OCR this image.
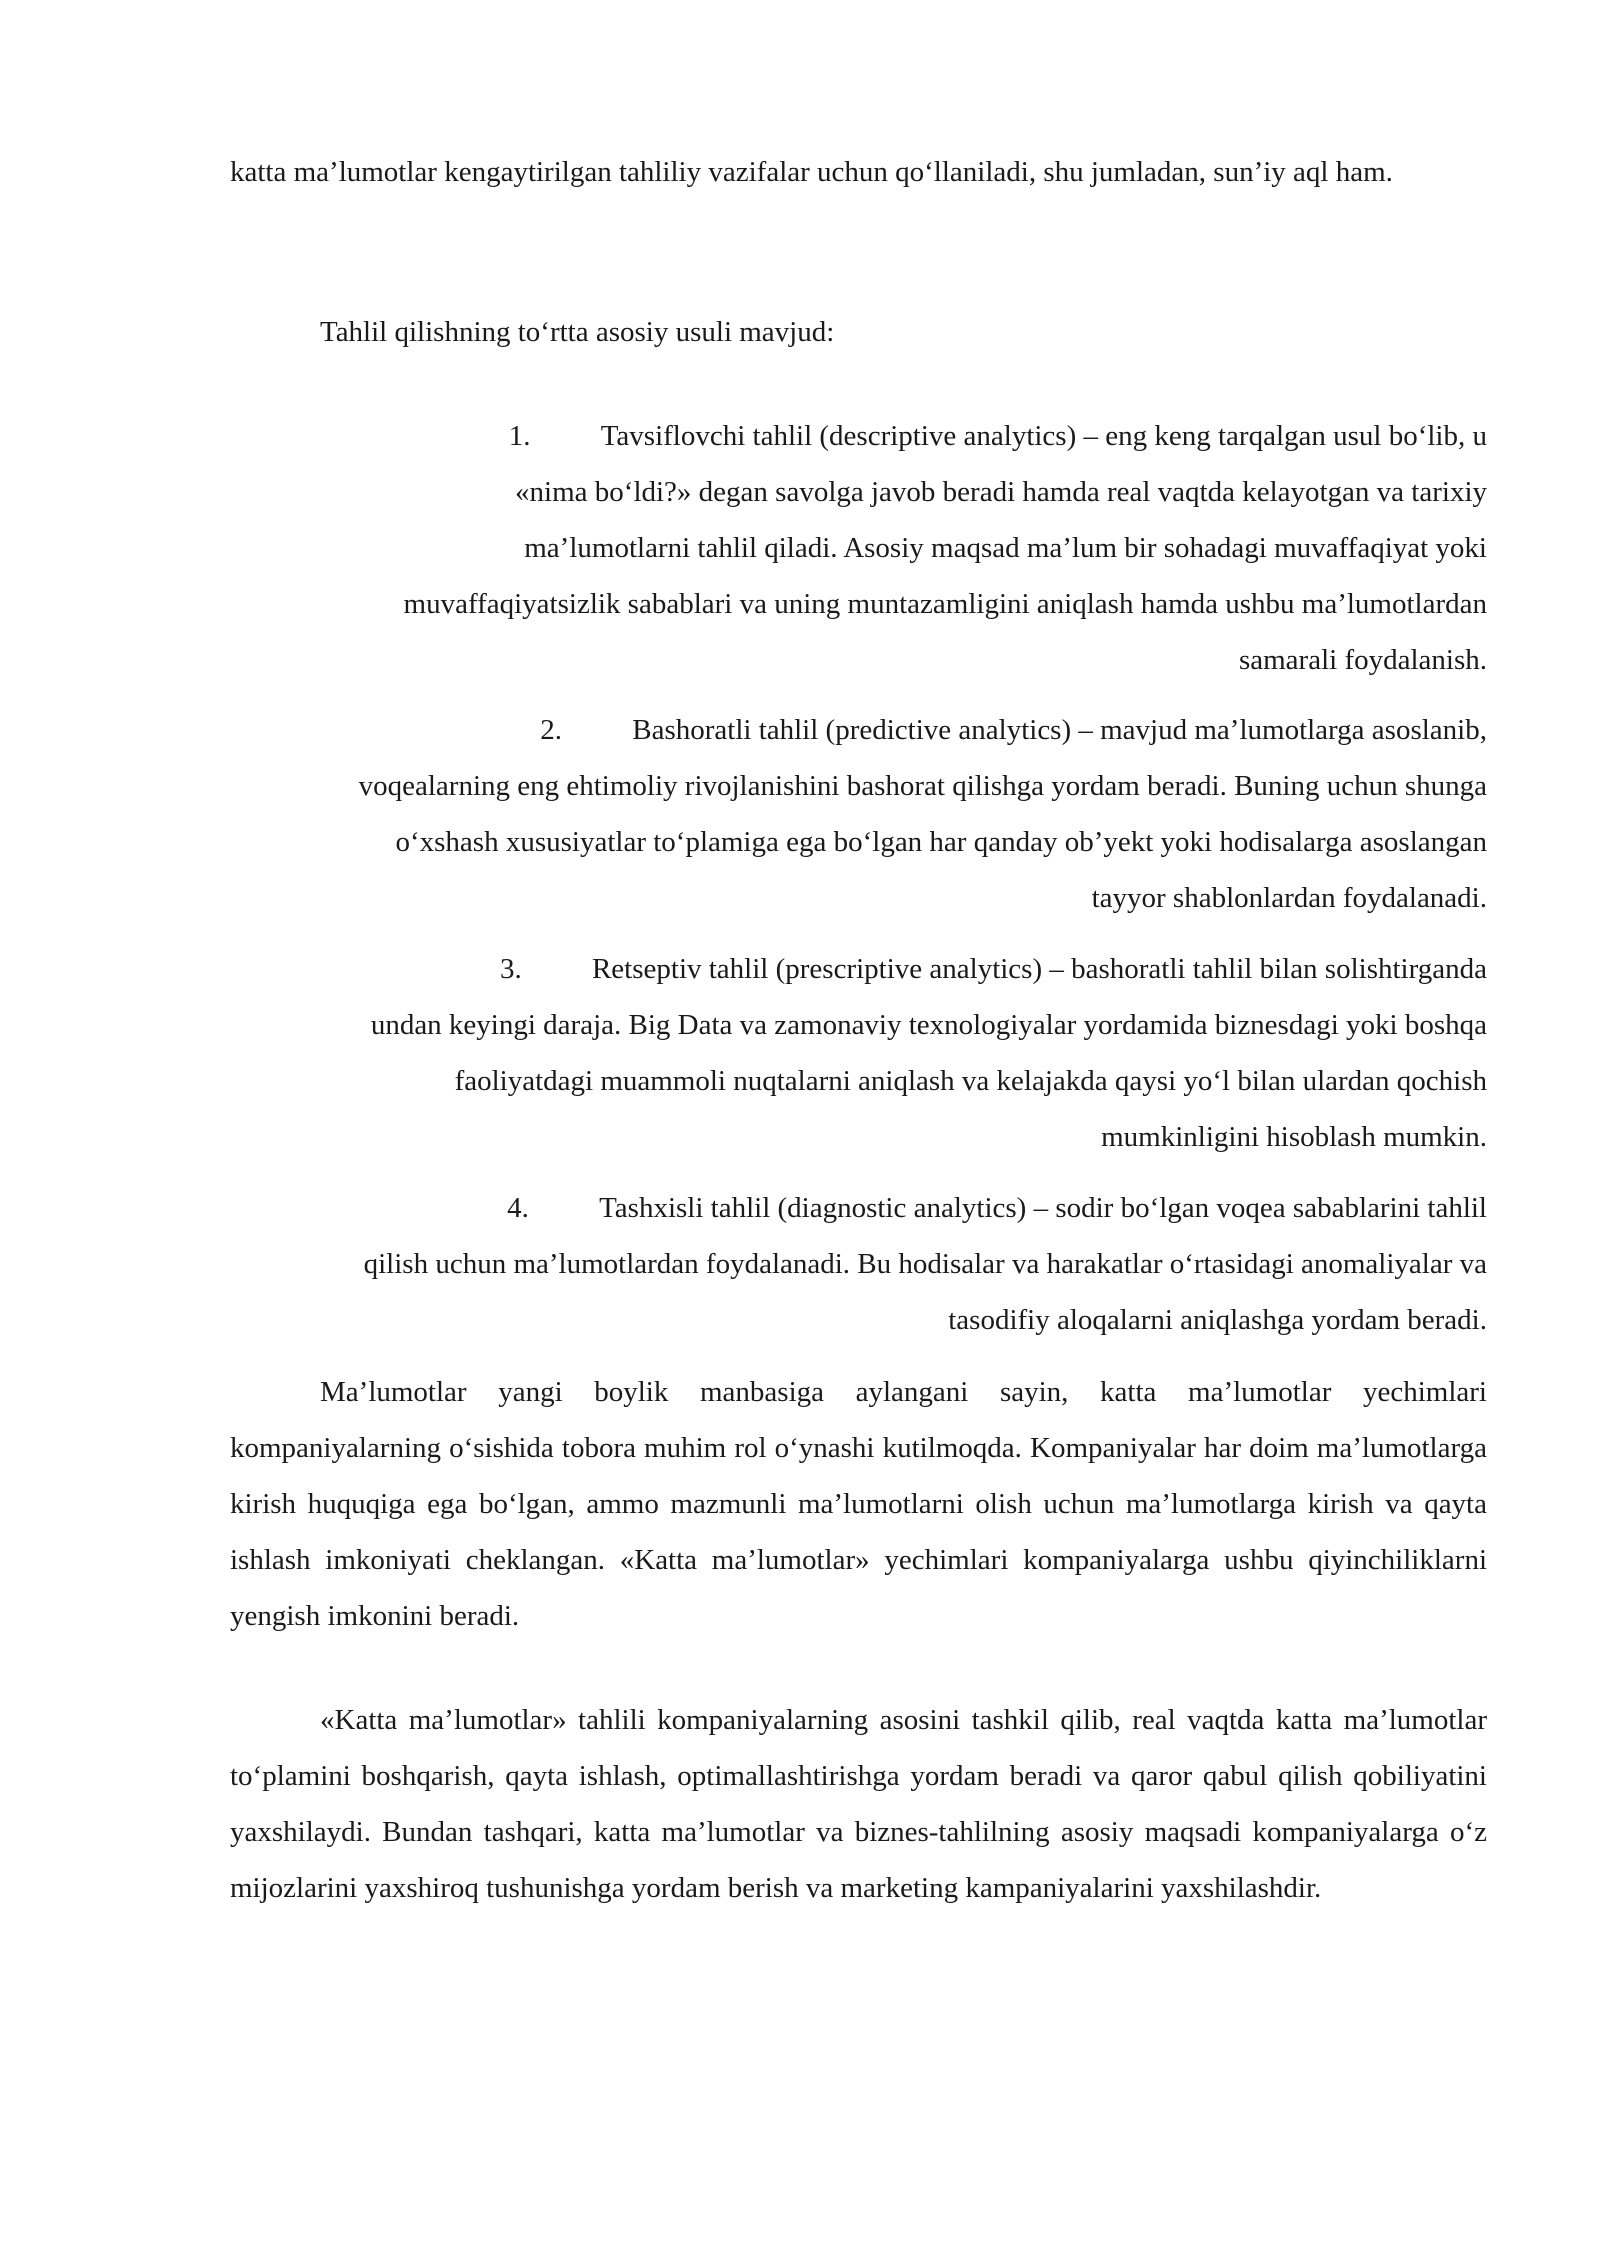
katta ma’lumotlar kengaytirilgan tahliliy vazifalar uchun qo‘llaniladi, shu jumladan, sun’iy aql ham.

Tahlil qilishning to‘rtta asosiy usuli mavjud:

1. Tavsiflovchi tahlil (descriptive analytics) – eng keng tarqalgan usul bo‘lib, u
«nima bo‘ldi?» degan savolga javob beradi hamda real vaqtda kelayotgan va tarixiy
ma’lumotlarni tahlil qiladi. Asosiy maqsad ma’lum bir sohadagi muvaffaqiyat yoki
muvaffaqiyatsizlik sabablari va uning muntazamligini aniqlash hamda ushbu ma’lumotlardan
samarali foydalanish.
2. Bashoratli tahlil (predictive analytics) – mavjud ma’lumotlarga asoslanib,
voqealarning eng ehtimoliy rivojlanishini bashorat qilishga yordam beradi. Buning uchun shunga
o‘xshash xususiyatlar to‘plamiga ega bo‘lgan har qanday ob’yekt yoki hodisalarga asoslangan
tayyor shablonlardan foydalanadi.
3. Retseptiv tahlil (prescriptive analytics) – bashoratli tahlil bilan solishtirganda
undan keyingi daraja. Big Data va zamonaviy texnologiyalar yordamida biznesdagi yoki boshqa
faoliyatdagi muammoli nuqtalarni aniqlash va kelajakda qaysi yo‘l bilan ulardan qochish
mumkinligini hisoblash mumkin.
4. Tashxisli tahlil (diagnostic analytics) – sodir bo‘lgan voqea sabablarini tahlil
qilish uchun ma’lumotlardan foydalanadi. Bu hodisalar va harakatlar o‘rtasidagi anomaliyalar va
tasodifiy aloqalarni aniqlashga yordam beradi.

Ma’lumotlar yangi boylik manbasiga aylangani sayin, katta ma’lumotlar yechimlari kompaniyalarning o‘sishida tobora muhim rol o‘ynashi kutilmoqda. Kompaniyalar har doim ma’lumotlarga kirish huquqiga ega bo‘lgan, ammo mazmunli ma’lumotlarni olish uchun ma’lumotlarga kirish va qayta ishlash imkoniyati cheklangan. «Katta ma’lumotlar» yechimlari kompaniyalarga ushbu qiyinchiliklarni yengish imkonini beradi.

«Katta ma’lumotlar» tahlili kompaniyalarning asosini tashkil qilib, real vaqtda katta ma’lumotlar to‘plamini boshqarish, qayta ishlash, optimallashtirishga yordam beradi va qaror qabul qilish qobiliyatini yaxshilaydi. Bundan tashqari, katta ma’lumotlar va biznes-tahlilning asosiy maqsadi kompaniyalarga o‘z mijozlarini yaxshiroq tushunishga yordam berish va marketing kampaniyalarini yaxshilashdir.
